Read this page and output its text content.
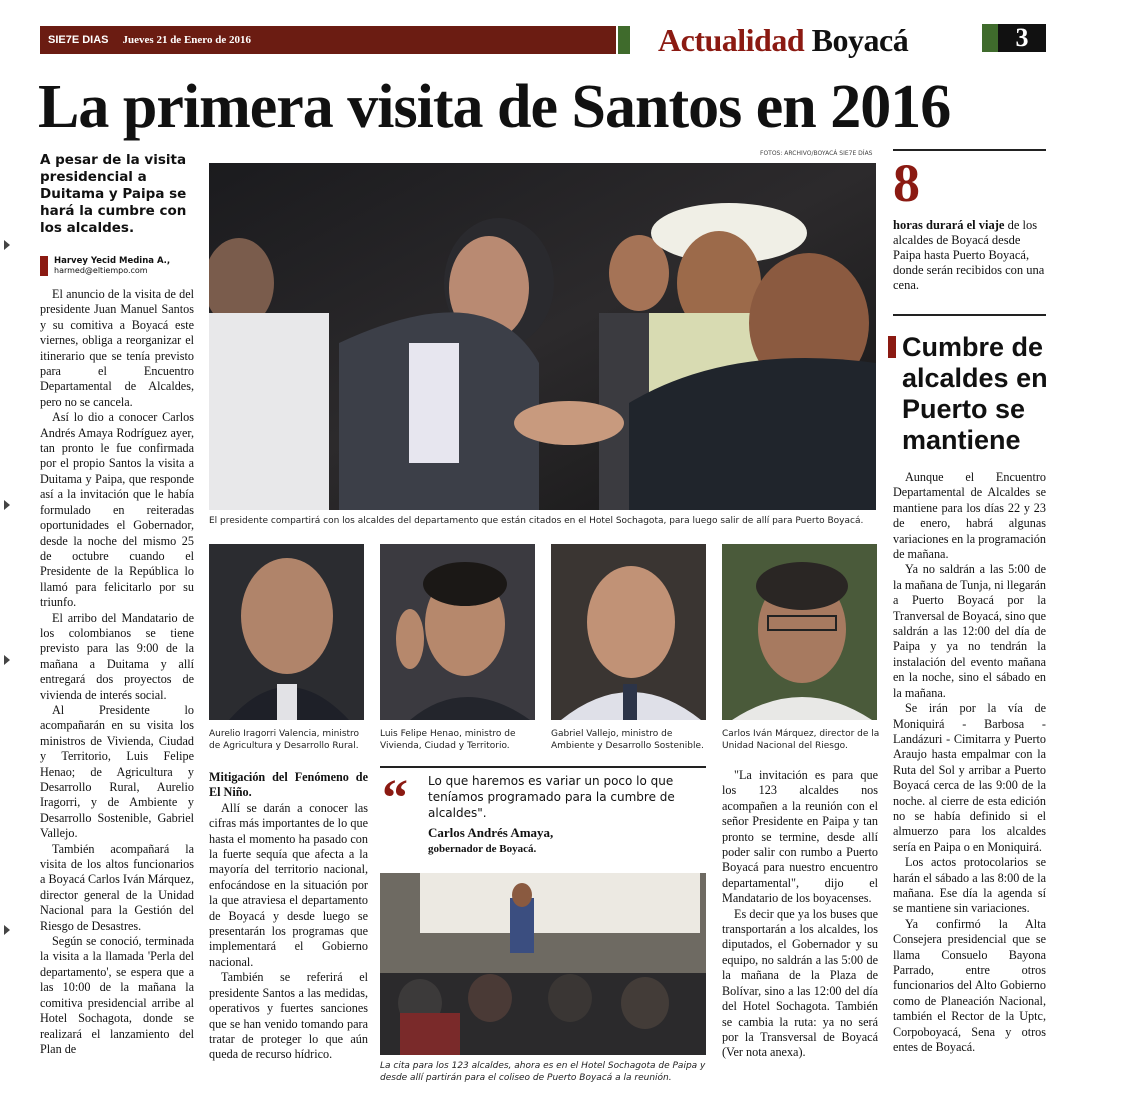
SIE7E DIAS Jueves 21 de Enero de 2016	Actualidad Boyacá	3
La primera visita de Santos en 2016
A pesar de la visita presidencial a Duitama y Paipa se hará la cumbre con los alcaldes.
Harvey Yecid Medina A.,
harmed@eltiempo.com

El anuncio de la visita de del presidente Juan Manuel Santos y su comitiva a Boyacá este viernes, obliga a reorganizar el itinerario que se tenía previsto para el Encuentro Departamental de Alcaldes, pero no se cancela.

Así lo dio a conocer Carlos Andrés Amaya Rodríguez ayer, tan pronto le fue confirmada por el propio Santos la visita a Duitama y Paipa, que responde así a la invitación que le había formulado en reiteradas oportunidades el Gobernador, desde la noche del mismo 25 de octubre cuando el Presidente de la República lo llamó para felicitarlo por su triunfo.

El arribo del Mandatario de los colombianos se tiene previsto para las 9:00 de la mañana a Duitama y allí entregará dos proyectos de vivienda de interés social.

Al Presidente lo acompañarán en su visita los ministros de Vivienda, Ciudad y Territorio, Luis Felipe Henao; de Agricultura y Desarrollo Rural, Aurelio Iragorri, y de Ambiente y Desarrollo Sostenible, Gabriel Vallejo.

También acompañará la visita de los altos funcionarios a Boyacá Carlos Iván Márquez, director general de la Unidad Nacional para la Gestión del Riesgo de Desastres.

Según se conoció, terminada la visita a la llamada 'Perla del departamento', se espera que a las 10:00 de la mañana la comitiva presidencial arribe al Hotel Sochagota, donde se realizará el lanzamiento del Plan de

FOTOS: ARCHIVO/BOYACÁ SIE7E DÍAS
El presidente compartirá con los alcaldes del departamento que están citados en el Hotel Sochagota, para luego salir de allí para Puerto Boyacá.
Aurelio Iragorri Valencia, ministro de Agricultura y Desarrollo Rural.
Luis Felipe Henao, ministro de Vivienda, Ciudad y Territorio.
Gabriel Vallejo, ministro de Ambiente y Desarrollo Sostenible.
Carlos Iván Márquez, director de la Unidad Nacional del Riesgo.

Mitigación del Fenómeno de El Niño.

Allí se darán a conocer las cifras más importantes de lo que hasta el momento ha pasado con la fuerte sequía que afecta a la mayoría del territorio nacional, enfocándose en la situación por la que atraviesa el departamento de Boyacá y desde luego se presentarán los programas que implementará el Gobierno nacional.

También se referirá el presidente Santos a las medidas, operativos y fuertes sanciones que se han venido tomando para tratar de proteger lo que aún queda de recurso hídrico.

“ Lo que haremos es variar un poco lo que teníamos programado para la cumbre de alcaldes".
Carlos Andrés Amaya,
gobernador de Boyacá.
La cita para los 123 alcaldes, ahora es en el Hotel Sochagota de Paipa y desde allí partirán para el coliseo de Puerto Boyacá a la reunión.

"La invitación es para que los 123 alcaldes nos acompañen a la reunión con el señor Presidente en Paipa y tan pronto se termine, desde allí poder salir con rumbo a Puerto Boyacá para nuestro encuentro departamental", dijo el Mandatario de los boyacenses.

Es decir que ya los buses que transportarán a los alcaldes, los diputados, el Gobernador y su equipo, no saldrán a las 5:00 de la mañana de la Plaza de Bolívar, sino a las 12:00 del día del Hotel Sochagota. También se cambia la ruta: ya no será por la Transversal de Boyacá (Ver nota anexa).

8
horas durará el viaje de los alcaldes de Boyacá desde Paipa hasta Puerto Boyacá, donde serán recibidos con una cena.
Cumbre de alcaldes en Puerto se mantiene

Aunque el Encuentro Departamental de Alcaldes se mantiene para los días 22 y 23 de enero, habrá algunas variaciones en la programación de mañana.

Ya no saldrán a las 5:00 de la mañana de Tunja, ni llegarán a Puerto Boyacá por la Tranversal de Boyacá, sino que saldrán a las 12:00 del día de Paipa y ya no tendrán la instalación del evento mañana en la noche, sino el sábado en la mañana.

Se irán por la vía de Moniquirá - Barbosa - Landázuri - Cimitarra y Puerto Araujo hasta empalmar con la Ruta del Sol y arribar a Puerto Boyacá cerca de las 9:00 de la noche. al cierre de esta edición no se había definido si el almuerzo para los alcaldes sería en Paipa o en Moniquirá.

Los actos protocolarios se harán el sábado a las 8:00 de la mañana. Ese día la agenda sí se mantiene sin variaciones.

Ya confirmó la Alta Consejera presidencial que se llama Consuelo Bayona Parrado, entre otros funcionarios del Alto Gobierno como de Planeación Nacional, también el Rector de la Uptc, Corpoboyacá, Sena y otros entes de Boyacá.
